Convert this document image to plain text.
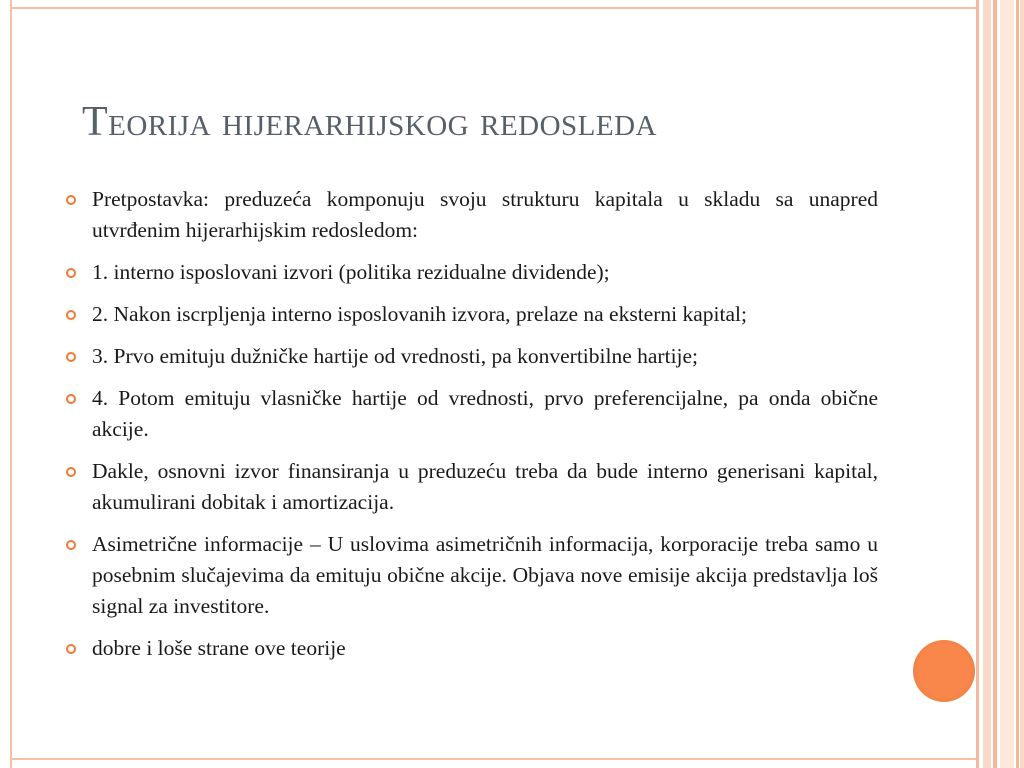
Teorija hijerarhijskog redosleda
Pretpostavka: preduzeća komponuju svoju strukturu kapitala u skladu sa unapred utvrđenim hijerarhijskim redosledom:
1. interno isposlovani izvori (politika rezidualne dividende);
2. Nakon iscrpljenja interno isposlovanih izvora, prelaze na eksterni kapital;
3. Prvo emituju dužničke hartije od vrednosti, pa konvertibilne hartije;
4. Potom emituju vlasničke hartije od vrednosti, prvo preferencijalne, pa onda obične akcije.
Dakle, osnovni izvor finansiranja u preduzeću treba da bude interno generisani kapital, akumulirani dobitak i amortizacija.
Asimetrične informacije – U uslovima asimetričnih informacija, korporacije treba samo u posebnim slučajevima da emituju obične akcije. Objava nove emisije akcija predstavlja loš signal za investitore.
dobre i loše strane ove teorije
